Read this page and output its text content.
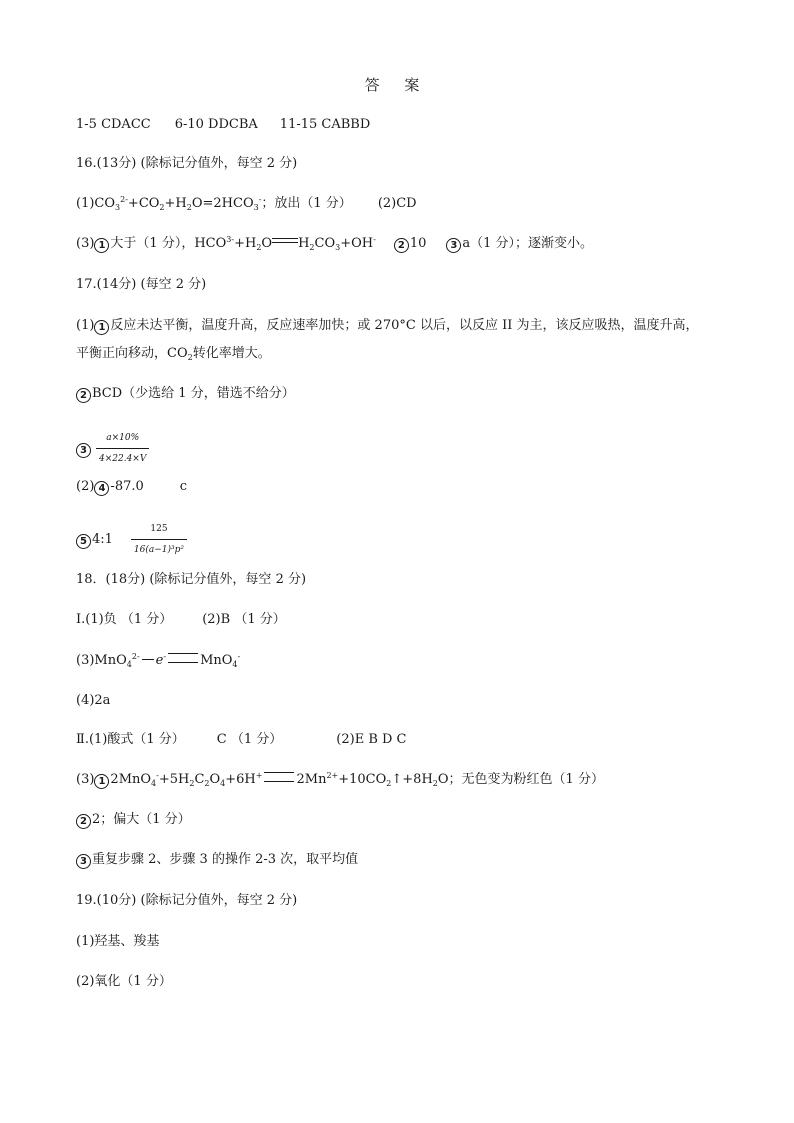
答 案
1-5 CDACC 6-10 DDCBA 11-15 CABBD
16.(13分) (除标记分值外，每空 2 分)
$(1)CO_3^{2-}+CO_2+H_2O=2HCO_3^-$；放出（1 分） (2)CD
(3) 1 大于（1 分），$HCO^{3-}+H_2O$ $H_2CO_3+OH^-2$ 10 3 a（1 分）；逐渐变小。
17.(14分) (每空 2 分)
(1) 1 反应未达平衡，温度升高，反应速率加快；或 270°C 以后，以反应 II 为主，该反应吸热，温度升高，
平衡正向移动，$CO_2$转化率增大。
2 BCD（少选给 1 分，错选不给分）
$3 \frac{a\times 10\%}{4\times 22.4\times V}$
(2) 4 -87.0	c
5 4:1 $\frac{125}{\text{16(a−1)³p²}}$
18．(18分) (除标记分值外，每空 2 分)
Ⅰ.(1)负 （1 分） (2)B （1 分）
(3)MnO$_4^{2-}$ e-	MnO$_4$-
(4)2a
Ⅱ.(1)酸式（1 分） C （1 分）	(2)E B D C
(3) 1 $2MnO_4^-+5H_2C_2O_4+6H^+$	$2Mn^{2+}+10CO_2↑+8H_2O$；无色变为粉红色（1 分）
2 2；偏大（1 分）
3 重复步骤 2、步骤 3 的操作 2-3 次，取平均值
19.(10分) (除标记分值外，每空 2 分)
(1)羟基、羧基
(2)氧化（1 分）
